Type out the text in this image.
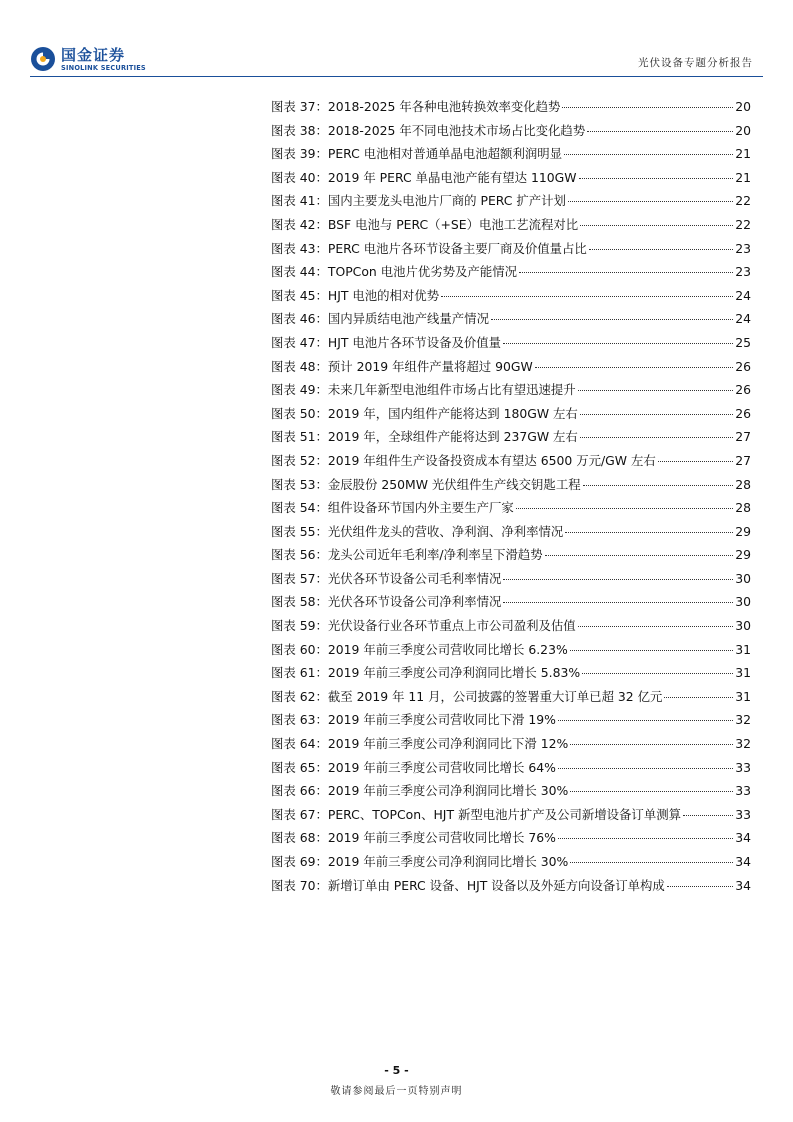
国金证券
SINOLINK SECURITIES	光伏设备专题分析报告
图表 37：2018-2025 年各种电池转换效率变化趋势	20
图表 38：2018-2025 年不同电池技术市场占比变化趋势	20
图表 39：PERC 电池相对普通单晶电池超额利润明显	21
图表 40：2019 年 PERC 单晶电池产能有望达 110GW	21
图表 41：国内主要龙头电池片厂商的 PERC 扩产计划	22
图表 42：BSF 电池与 PERC（+SE）电池工艺流程对比	22
图表 43：PERC 电池片各环节设备主要厂商及价值量占比	23
图表 44：TOPCon 电池片优劣势及产能情况	23
图表 45：HJT 电池的相对优势	24
图表 46：国内异质结电池产线量产情况	24
图表 47：HJT 电池片各环节设备及价值量	25
图表 48：预计 2019 年组件产量将超过 90GW	26
图表 49：未来几年新型电池组件市场占比有望迅速提升	26
图表 50：2019 年，国内组件产能将达到 180GW 左右	26
图表 51：2019 年，全球组件产能将达到 237GW 左右	27
图表 52：2019 年组件生产设备投资成本有望达 6500 万元/GW 左右	27
图表 53：金辰股份 250MW 光伏组件生产线交钥匙工程	28
图表 54：组件设备环节国内外主要生产厂家	28
图表 55：光伏组件龙头的营收、净利润、净利率情况	29
图表 56：龙头公司近年毛利率/净利率呈下滑趋势	29
图表 57：光伏各环节设备公司毛利率情况	30
图表 58：光伏各环节设备公司净利率情况	30
图表 59：光伏设备行业各环节重点上市公司盈利及估值	30
图表 60：2019 年前三季度公司营收同比增长 6.23%	31
图表 61：2019 年前三季度公司净利润同比增长 5.83%	31
图表 62：截至 2019 年 11 月，公司披露的签署重大订单已超 32 亿元	31
图表 63：2019 年前三季度公司营收同比下滑 19%	32
图表 64：2019 年前三季度公司净利润同比下滑 12%	32
图表 65：2019 年前三季度公司营收同比增长 64%	33
图表 66：2019 年前三季度公司净利润同比增长 30%	33
图表 67：PERC、TOPCon、HJT 新型电池片扩产及公司新增设备订单测算	33
图表 68：2019 年前三季度公司营收同比增长 76%	34
图表 69：2019 年前三季度公司净利润同比增长 30%	34
图表 70：新增订单由 PERC 设备、HJT 设备以及外延方向设备订单构成	34
- 5 -
敬请参阅最后一页特别声明
